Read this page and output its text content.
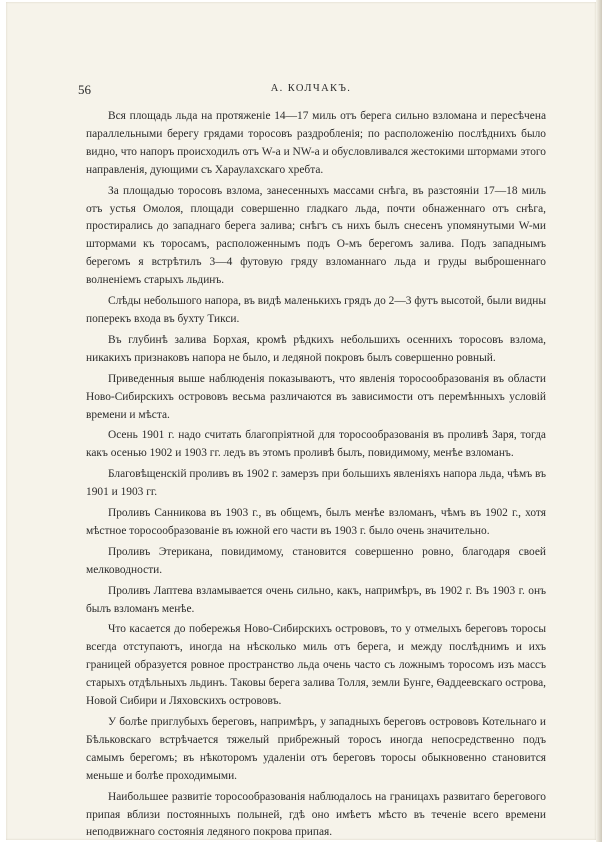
56	А. КОЛЧАКЪ.

Вся площадь льда на протяженiе 14—17 миль отъ берега сильно взломана и пересѣчена параллельными берегу грядами торосовъ раздробленiя; по расположенiю послѣднихъ было видно, что напоръ происходилъ отъ W-а и NW-а и обусловливался жестокими штормами этого направленiя, дующими съ Хараулахскаго хребта.

За площадью торосовъ взлома, занесенныхъ массами снѣга, въ разстоянiи 17—18 миль отъ устья Омолоя, площади совершенно гладкаго льда, почти обнаженнаго отъ снѣга, простирались до западнаго берега залива; снѣгъ съ нихъ былъ снесенъ упомянутыми W-ми штормами къ торосамъ, расположеннымъ подъ О-мъ берегомъ залива. Подъ западнымъ берегомъ я встрѣтилъ 3—4 футовую гряду взломаннаго льда и груды выброшеннаго волненiемъ старыхъ льдинъ.

Слѣды небольшого напора, въ видѣ маленькихъ грядъ до 2—3 футъ высотой, были видны поперекъ входа въ бухту Тикси.

Въ глубинѣ залива Борхая, кромѣ рѣдкихъ небольшихъ осеннихъ торосовъ взлома, никакихъ признаковъ напора не было, и ледяной покровъ былъ совершенно ровный.

Приведенныя выше наблюденiя показываютъ, что явленiя торосообразованiя въ области Ново-Сибирскихъ острововъ весьма различаются въ зависимости отъ перемѣнныхъ условiй времени и мѣста.

Осень 1901 г. надо считать благопрiятной для торосообразованiя въ проливѣ Заря, тогда какъ осенью 1902 и 1903 гг. ледъ въ этомъ проливѣ былъ, повидимому, менѣе взломанъ.

Благовѣщенскiй проливъ въ 1902 г. замерзъ при большихъ явленiяхъ напора льда, чѣмъ въ 1901 и 1903 гг.

Проливъ Санникова въ 1903 г., въ общемъ, былъ менѣе взломанъ, чѣмъ въ 1902 г., хотя мѣстное торосообразованiе въ южной его части въ 1903 г. было очень значительно.

Проливъ Этерикана, повидимому, становится совершенно ровно, благодаря своей мелководности.

Проливъ Лаптева взламывается очень сильно, какъ, напримѣръ, въ 1902 г. Въ 1903 г. онъ былъ взломанъ менѣе.

Что касается до побережья Ново-Сибирскихъ острововъ, то у отмелыхъ береговъ торосы всегда отступаютъ, иногда на нѣсколько миль отъ берега, и между послѣднимъ и ихъ границей образуется ровное пространство льда очень часто съ ложнымъ торосомъ изъ массъ старыхъ отдѣльныхъ льдинъ. Таковы берега залива Толля, земли Бунге, Ѳаддеевскаго острова, Новой Сибири и Ляховскихъ острововъ.

У болѣе приглубыхъ береговъ, напримѣръ, у западныхъ береговъ острововъ Котельнаго и Бѣльковскаго встрѣчается тяжелый прибрежный торосъ иногда непосредственно подъ самымъ берегомъ; въ нѣкоторомъ удаленiи отъ береговъ торосы обыкновенно становится меньше и болѣе проходимыми.

Наибольшее развитiе торосообразованiя наблюдалось на границахъ развитаго берегового припая вблизи постоянныхъ полыней, гдѣ оно имѣетъ мѣсто въ теченiе всего времени неподвижнаго состоянiя ледяного покрова припая.
